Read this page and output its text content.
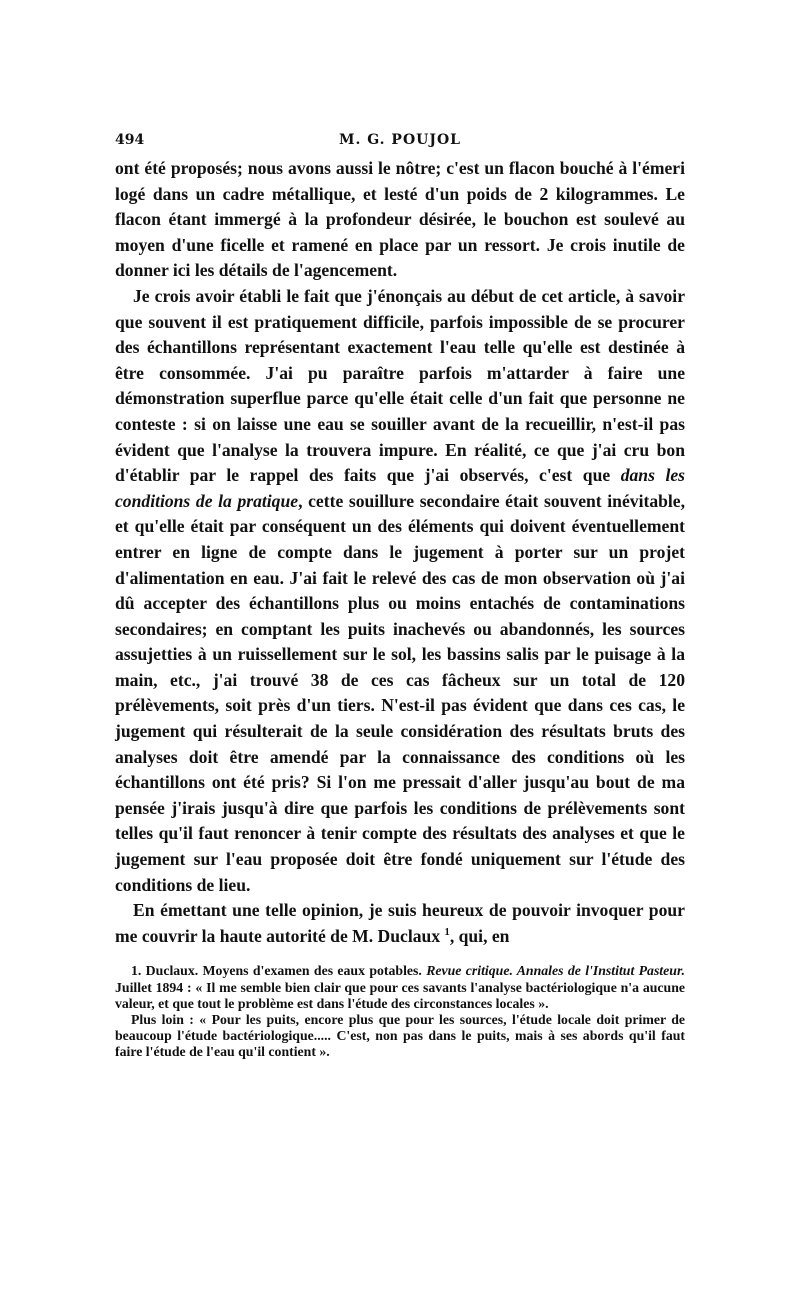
494	M. G. POUJOL

ont été proposés; nous avons aussi le nôtre; c'est un flacon bouché à l'émeri logé dans un cadre métallique, et lesté d'un poids de 2 kilogrammes. Le flacon étant immergé à la profondeur désirée, le bouchon est soulevé au moyen d'une ficelle et ramené en place par un ressort. Je crois inutile de donner ici les détails de l'agencement.

Je crois avoir établi le fait que j'énonçais au début de cet article, à savoir que souvent il est pratiquement difficile, parfois impossible de se procurer des échantillons représentant exactement l'eau telle qu'elle est destinée à être consommée. J'ai pu paraître parfois m'attarder à faire une démonstration superflue parce qu'elle était celle d'un fait que personne ne conteste : si on laisse une eau se souiller avant de la recueillir, n'est-il pas évident que l'analyse la trouvera impure. En réalité, ce que j'ai cru bon d'établir par le rappel des faits que j'ai observés, c'est que dans les conditions de la pratique, cette souillure secondaire était souvent inévitable, et qu'elle était par conséquent un des éléments qui doivent éventuellement entrer en ligne de compte dans le jugement à porter sur un projet d'alimentation en eau. J'ai fait le relevé des cas de mon observation où j'ai dû accepter des échantillons plus ou moins entachés de contaminations secondaires; en comptant les puits inachevés ou abandonnés, les sources assujetties à un ruissellement sur le sol, les bassins salis par le puisage à la main, etc., j'ai trouvé 38 de ces cas fâcheux sur un total de 120 prélèvements, soit près d'un tiers. N'est-il pas évident que dans ces cas, le jugement qui résulterait de la seule considération des résultats bruts des analyses doit être amendé par la connaissance des conditions où les échantillons ont été pris? Si l'on me pressait d'aller jusqu'au bout de ma pensée j'irais jusqu'à dire que parfois les conditions de prélèvements sont telles qu'il faut renoncer à tenir compte des résultats des analyses et que le jugement sur l'eau proposée doit être fondé uniquement sur l'étude des conditions de lieu.

En émettant une telle opinion, je suis heureux de pouvoir invoquer pour me couvrir la haute autorité de M. Duclaux $^1$, qui, en

1. Duclaux. Moyens d'examen des eaux potables. Revue critique. Annales de l'Institut Pasteur. Juillet 1894 : « Il me semble bien clair que pour ces savants l'analyse bactériologique n'a aucune valeur, et que tout le problème est dans l'étude des circonstances locales ».

Plus loin : « Pour les puits, encore plus que pour les sources, l'étude locale doit primer de beaucoup l'étude bactériologique..... C'est, non pas dans le puits, mais à ses abords qu'il faut faire l'étude de l'eau qu'il contient ».
